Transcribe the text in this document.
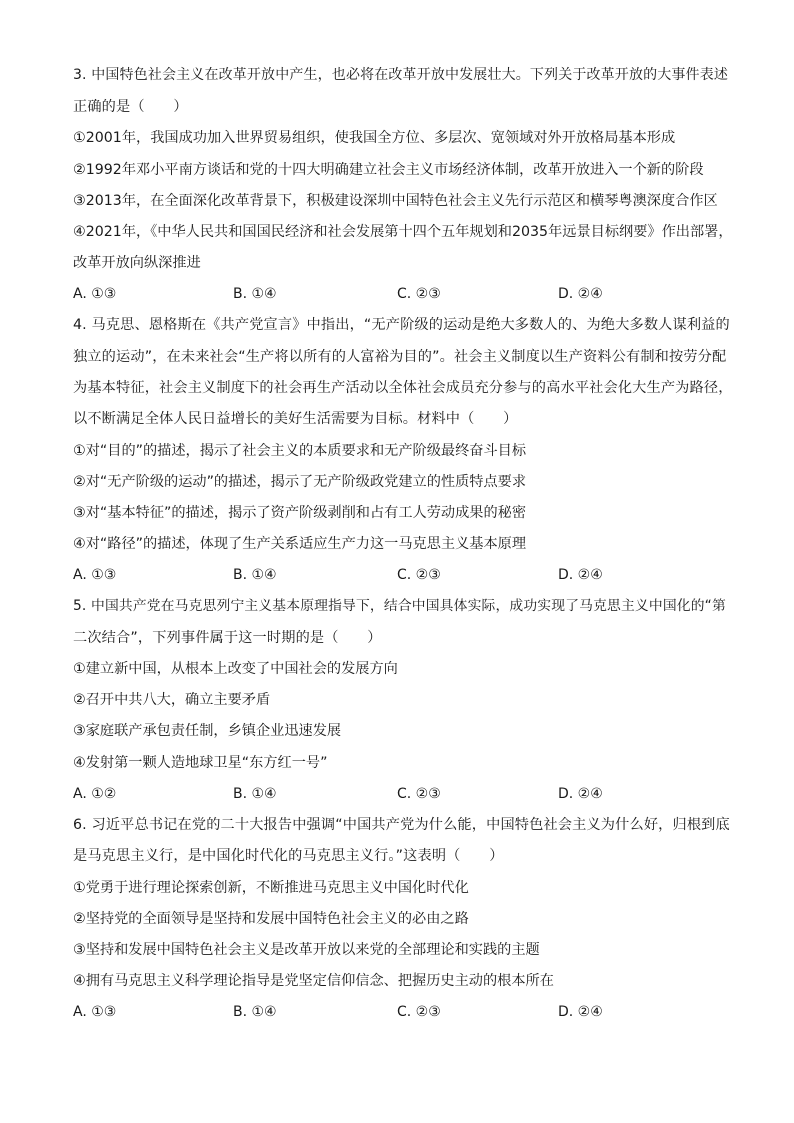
3. 中国特色社会主义在改革开放中产生，也必将在改革开放中发展壮大。下列关于改革开放的大事件表述
正确的是（　　）
①2001年，我国成功加入世界贸易组织，使我国全方位、多层次、宽领域对外开放格局基本形成
②1992年邓小平南方谈话和党的十四大明确建立社会主义市场经济体制，改革开放进入一个新的阶段
③2013年，在全面深化改革背景下，积极建设深圳中国特色社会主义先行示范区和横琴粤澳深度合作区
④2021年，《中华人民共和国国民经济和社会发展第十四个五年规划和2035年远景目标纲要》作出部署，
改革开放向纵深推进
A. ①③	B. ①④	C. ②③	D. ②④
4. 马克思、恩格斯在《共产党宣言》中指出，“无产阶级的运动是绝大多数人的、为绝大多数人谋利益的
独立的运动”，在未来社会“生产将以所有的人富裕为目的”。社会主义制度以生产资料公有制和按劳分配
为基本特征，社会主义制度下的社会再生产活动以全体社会成员充分参与的高水平社会化大生产为路径，
以不断满足全体人民日益增长的美好生活需要为目标。材料中（　　）
①对“目的”的描述，揭示了社会主义的本质要求和无产阶级最终奋斗目标
②对“无产阶级的运动”的描述，揭示了无产阶级政党建立的性质特点要求
③对“基本特征”的描述，揭示了资产阶级剥削和占有工人劳动成果的秘密
④对“路径”的描述，体现了生产关系适应生产力这一马克思主义基本原理
A. ①③	B. ①④	C. ②③	D. ②④
5. 中国共产党在马克思列宁主义基本原理指导下，结合中国具体实际，成功实现了马克思主义中国化的“第
二次结合”，下列事件属于这一时期的是（　　）
①建立新中国，从根本上改变了中国社会的发展方向
②召开中共八大，确立主要矛盾
③家庭联产承包责任制，乡镇企业迅速发展
④发射第一颗人造地球卫星“东方红一号”
A. ①②	B. ①④	C. ②③	D. ②④
6. 习近平总书记在党的二十大报告中强调“中国共产党为什么能，中国特色社会主义为什么好，归根到底
是马克思主义行，是中国化时代化的马克思主义行。”这表明（　　）
①党勇于进行理论探索创新，不断推进马克思主义中国化时代化
②坚持党的全面领导是坚持和发展中国特色社会主义的必由之路
③坚持和发展中国特色社会主义是改革开放以来党的全部理论和实践的主题
④拥有马克思主义科学理论指导是党坚定信仰信念、把握历史主动的根本所在
A. ①③	B. ①④	C. ②③	D. ②④
